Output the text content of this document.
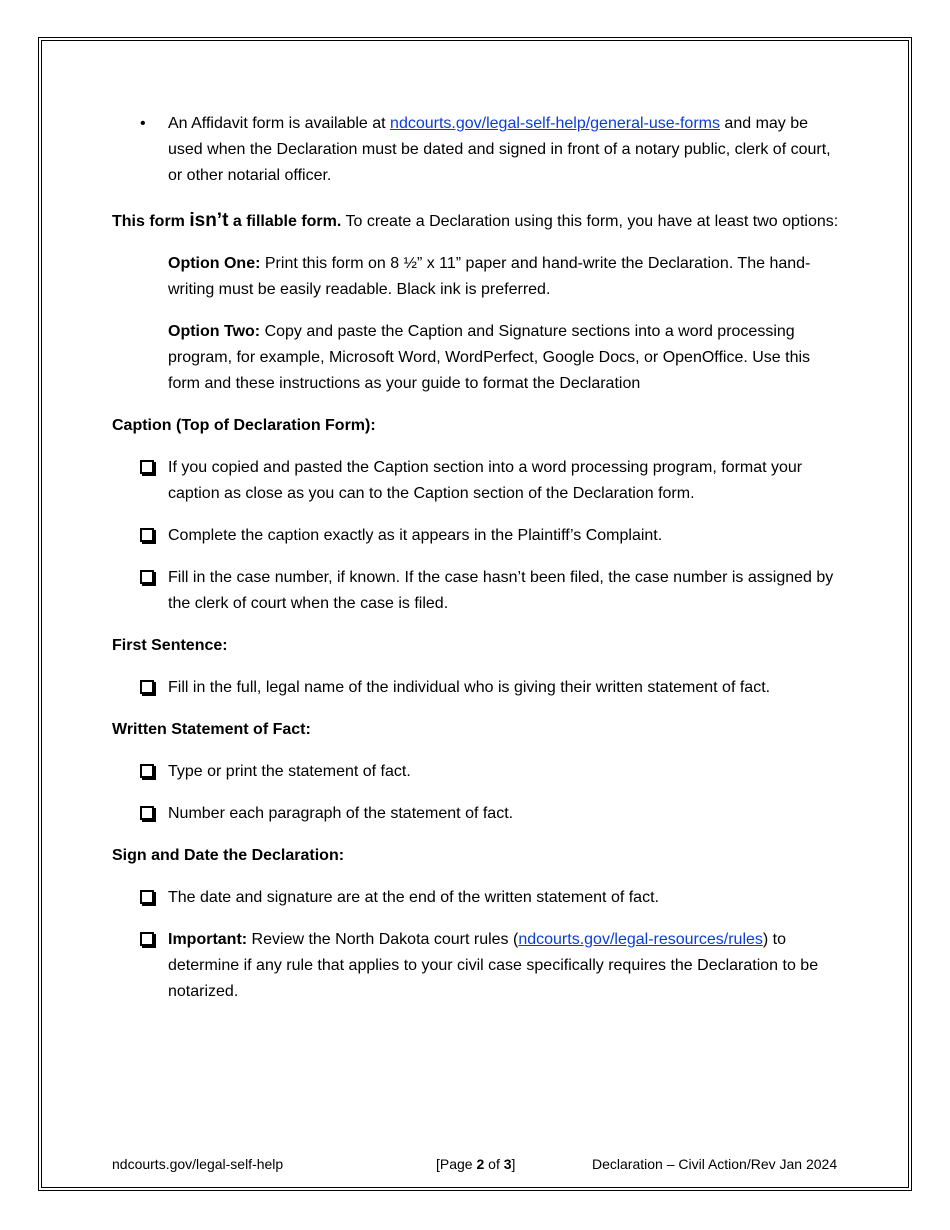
• An Affidavit form is available at ndcourts.gov/legal-self-help/general-use-forms and may be used when the Declaration must be dated and signed in front of a notary public, clerk of court, or other notarial officer.

This form isn’t a fillable form. To create a Declaration using this form, you have at least two options:

Option One: Print this form on 8 ½” x 11” paper and hand-write the Declaration. The hand-writing must be easily readable. Black ink is preferred.

Option Two: Copy and paste the Caption and Signature sections into a word processing program, for example, Microsoft Word, WordPerfect, Google Docs, or OpenOffice. Use this form and these instructions as your guide to format the Declaration

Caption (Top of Declaration Form):

If you copied and pasted the Caption section into a word processing program, format your caption as close as you can to the Caption section of the Declaration form.

Complete the caption exactly as it appears in the Plaintiff’s Complaint.

Fill in the case number, if known. If the case hasn’t been filed, the case number is assigned by the clerk of court when the case is filed.

First Sentence:

Fill in the full, legal name of the individual who is giving their written statement of fact.

Written Statement of Fact:

Type or print the statement of fact.

Number each paragraph of the statement of fact.

Sign and Date the Declaration:

The date and signature are at the end of the written statement of fact.

Important: Review the North Dakota court rules (ndcourts.gov/legal-resources/rules) to determine if any rule that applies to your civil case specifically requires the Declaration to be notarized.

ndcourts.gov/legal-self-help	[Page 2 of 3]	Declaration – Civil Action/Rev Jan 2024
